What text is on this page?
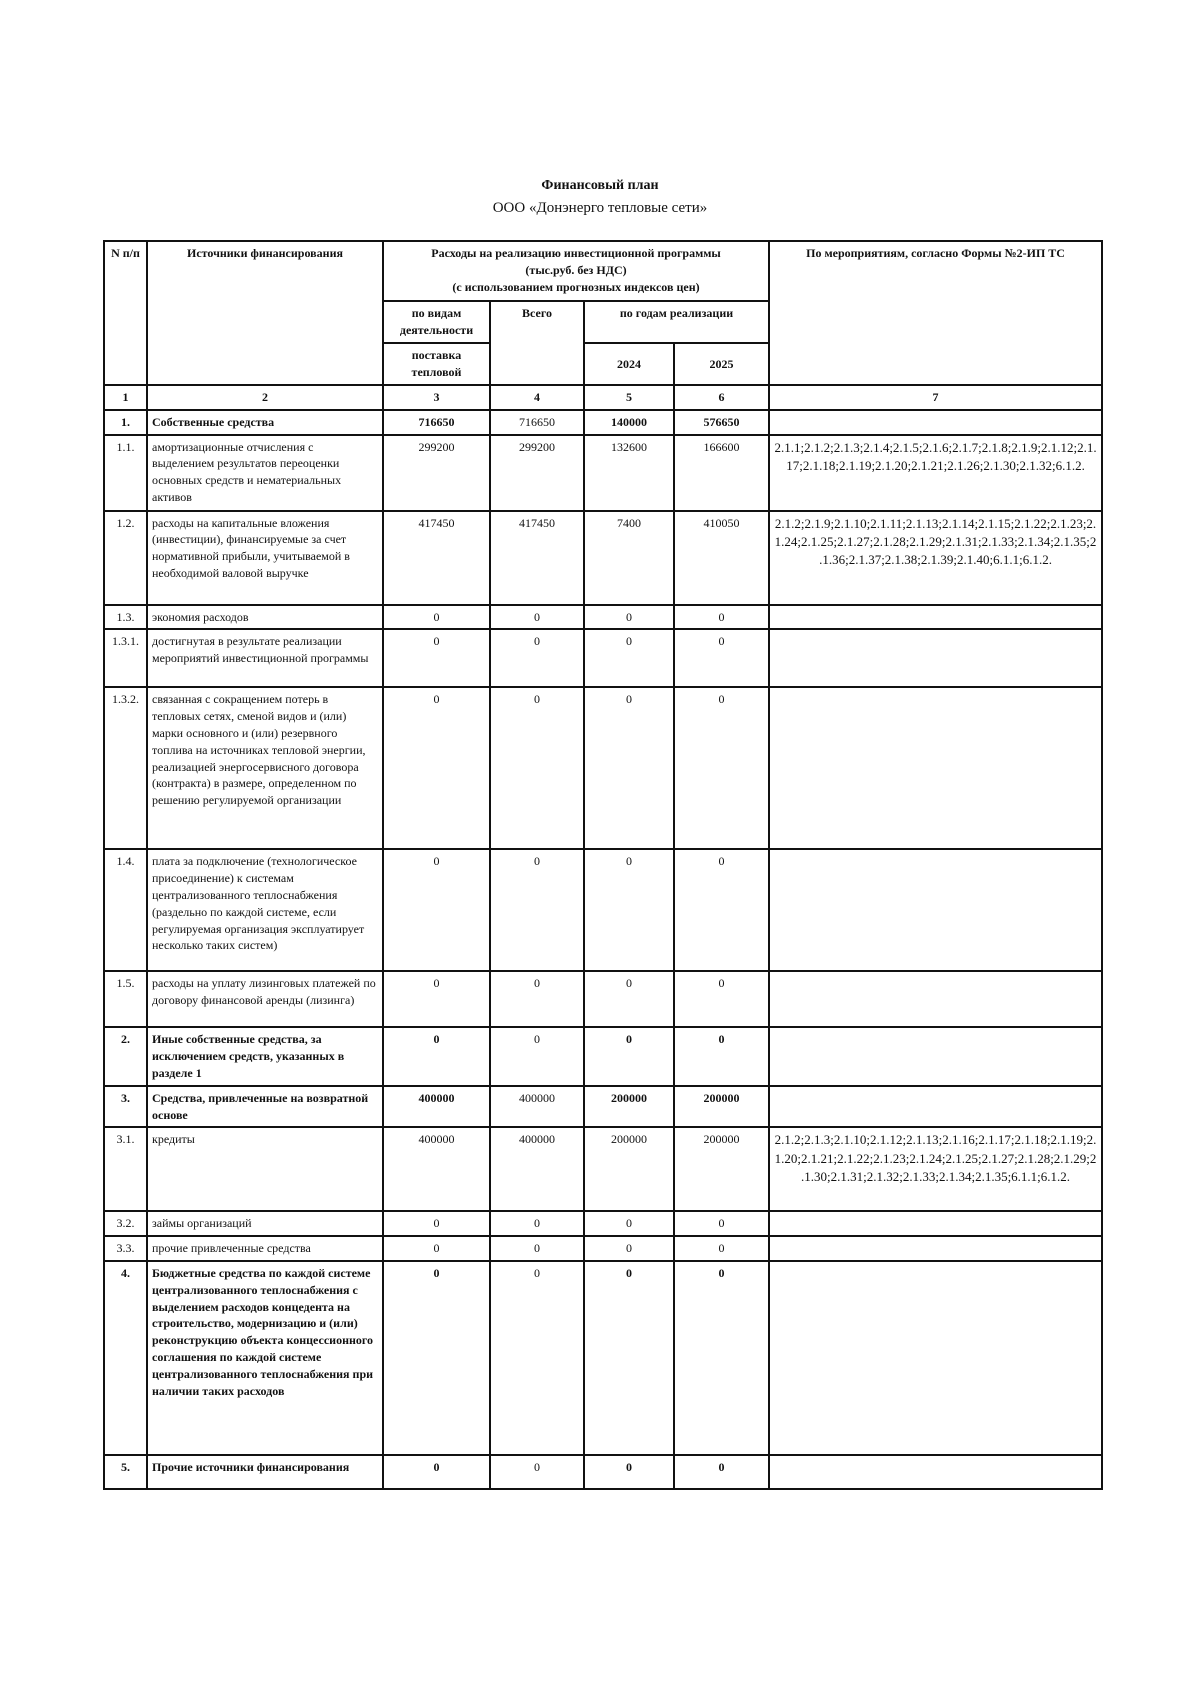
Финансовый план
ООО «Донэнерго тепловые сети»
N п/п	Источники финансирования	Расходы на реализацию инвестиционной программы
(тыс.руб. без НДС)
(с использованием прогнозных индексов цен)				По мероприятиям, согласно Формы №2-ИП ТС
		по видам деятельности	Всего	по годам реализации		
		поставка тепловой		2024	2025	
1	2	3	4	5	6	7
1.	Собственные средства	716650	716650	140000	576650	
1.1.	амортизационные отчисления с выделением результатов переоценки основных средств и нематериальных активов	299200	299200	132600	166600	2.1.1;2.1.2;2.1.3;2.1.4;2.1.5;2.1.6;2.1.7;2.1.8;2.1.9;2.1.12;2.1.17;2.1.18;2.1.19;2.1.20;2.1.21;2.1.26;2.1.30;2.1.32;6.1.2.
1.2.	расходы на капитальные вложения (инвестиции), финансируемые за счет нормативной прибыли, учитываемой в необходимой валовой выручке	417450	417450	7400	410050	2.1.2;2.1.9;2.1.10;2.1.11;2.1.13;2.1.14;2.1.15;2.1.22;2.1.23;2.1.24;2.1.25;2.1.27;2.1.28;2.1.29;2.1.31;2.1.33;2.1.34;2.1.35;2.1.36;2.1.37;2.1.38;2.1.39;2.1.40;6.1.1;6.1.2.
1.3.	экономия расходов	0	0	0	0	
1.3.1.	достигнутая в результате реализации мероприятий инвестиционной программы	0	0	0	0	
1.3.2.	связанная с сокращением потерь в тепловых сетях, сменой видов и (или) марки основного и (или) резервного топлива на источниках тепловой энергии, реализацией энергосервисного договора (контракта) в размере, определенном по решению регулируемой организации	0	0	0	0	
1.4.	плата за подключение (технологическое присоединение) к системам централизованного теплоснабжения (раздельно по каждой системе, если регулируемая организация эксплуатирует несколько таких систем)	0	0	0	0	
1.5.	расходы на уплату лизинговых платежей по договору финансовой аренды (лизинга)	0	0	0	0	
2.	Иные собственные средства, за исключением средств, указанных в разделе 1	0	0	0	0	
3.	Средства, привлеченные на возвратной основе	400000	400000	200000	200000	
3.1.	кредиты	400000	400000	200000	200000	2.1.2;2.1.3;2.1.10;2.1.12;2.1.13;2.1.16;2.1.17;2.1.18;2.1.19;2.1.20;2.1.21;2.1.22;2.1.23;2.1.24;2.1.25;2.1.27;2.1.28;2.1.29;2.1.30;2.1.31;2.1.32;2.1.33;2.1.34;2.1.35;6.1.1;6.1.2.
3.2.	займы организаций	0	0	0	0	
3.3.	прочие привлеченные средства	0	0	0	0	
4.	Бюджетные средства по каждой системе централизованного теплоснабжения с выделением расходов концедента на строительство, модернизацию и (или) реконструкцию объекта концессионного соглашения по каждой системе централизованного теплоснабжения при наличии таких расходов	0	0	0	0	
5.	Прочие источники финансирования	0	0	0	0	
